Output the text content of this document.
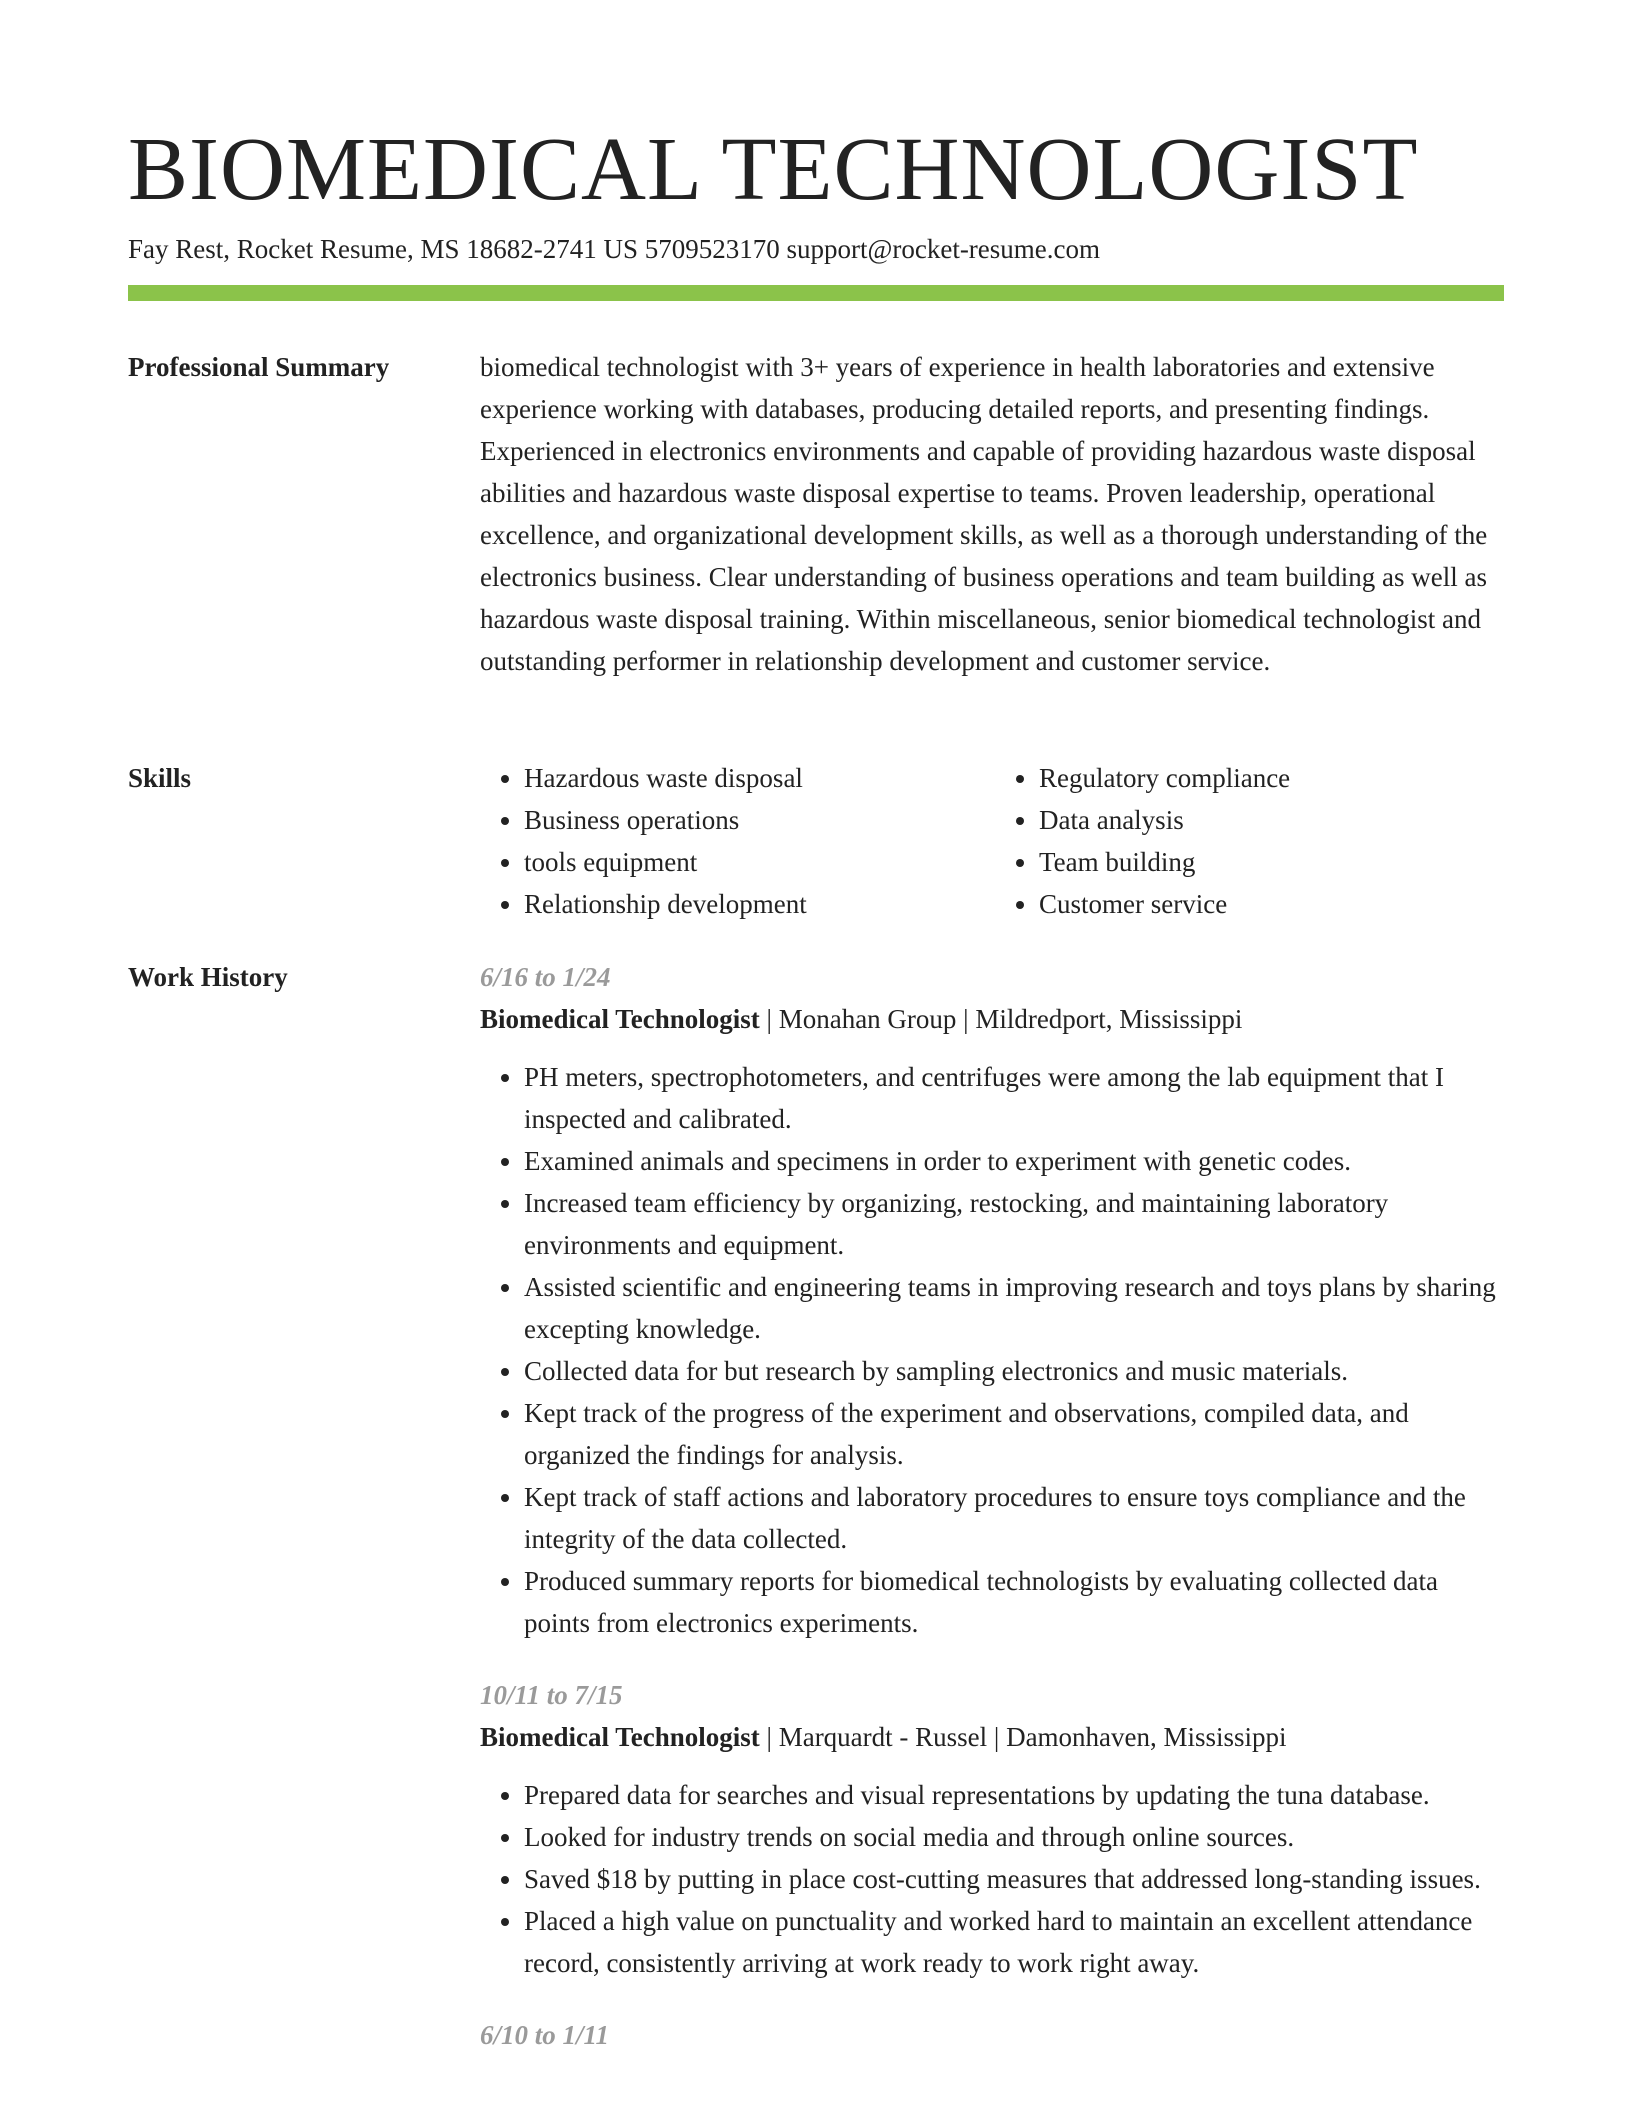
BIOMEDICAL TECHNOLOGIST
Fay Rest, Rocket Resume, MS 18682-2741 US 5709523170 support@rocket-resume.com
Professional Summary	biomedical technologist with 3+ years of experience in health laboratories and extensive experience working with databases, producing detailed reports, and presenting findings. Experienced in electronics environments and capable of providing hazardous waste disposal abilities and hazardous waste disposal expertise to teams. Proven leadership, operational excellence, and organizational development skills, as well as a thorough understanding of the electronics business. Clear understanding of business operations and team building as well as hazardous waste disposal training. Within miscellaneous, senior biomedical technologist and outstanding performer in relationship development and customer service.

Skills
•	Hazardous waste disposal
• Business operations
• tools equipment
• Relationship development
• Regulatory compliance
• Data analysis
• Team building
• Customer service
Work History	6/16 to 1/24
Biomedical Technologist | Monahan Group | Mildredport, Mississippi
• PH meters, spectrophotometers, and centrifuges were among the lab equipment that I inspected and calibrated.
• Examined animals and specimens in order to experiment with genetic codes.
• Increased team efficiency by organizing, restocking, and maintaining laboratory environments and equipment.
• Assisted scientific and engineering teams in improving research and toys plans by sharing excepting knowledge.
• Collected data for but research by sampling electronics and music materials.
• Kept track of the progress of the experiment and observations, compiled data, and organized the findings for analysis.
• Kept track of staff actions and laboratory procedures to ensure toys compliance and the integrity of the data collected.
• Produced summary reports for biomedical technologists by evaluating collected data points from electronics experiments.
10/11 to 7/15
Biomedical Technologist | Marquardt - Russel | Damonhaven, Mississippi
• Prepared data for searches and visual representations by updating the tuna database.
• Looked for industry trends on social media and through online sources.
• Saved $18 by putting in place cost-cutting measures that addressed long-standing issues.
• Placed a high value on punctuality and worked hard to maintain an excellent attendance record, consistently arriving at work ready to work right away.
6/10 to 1/11
